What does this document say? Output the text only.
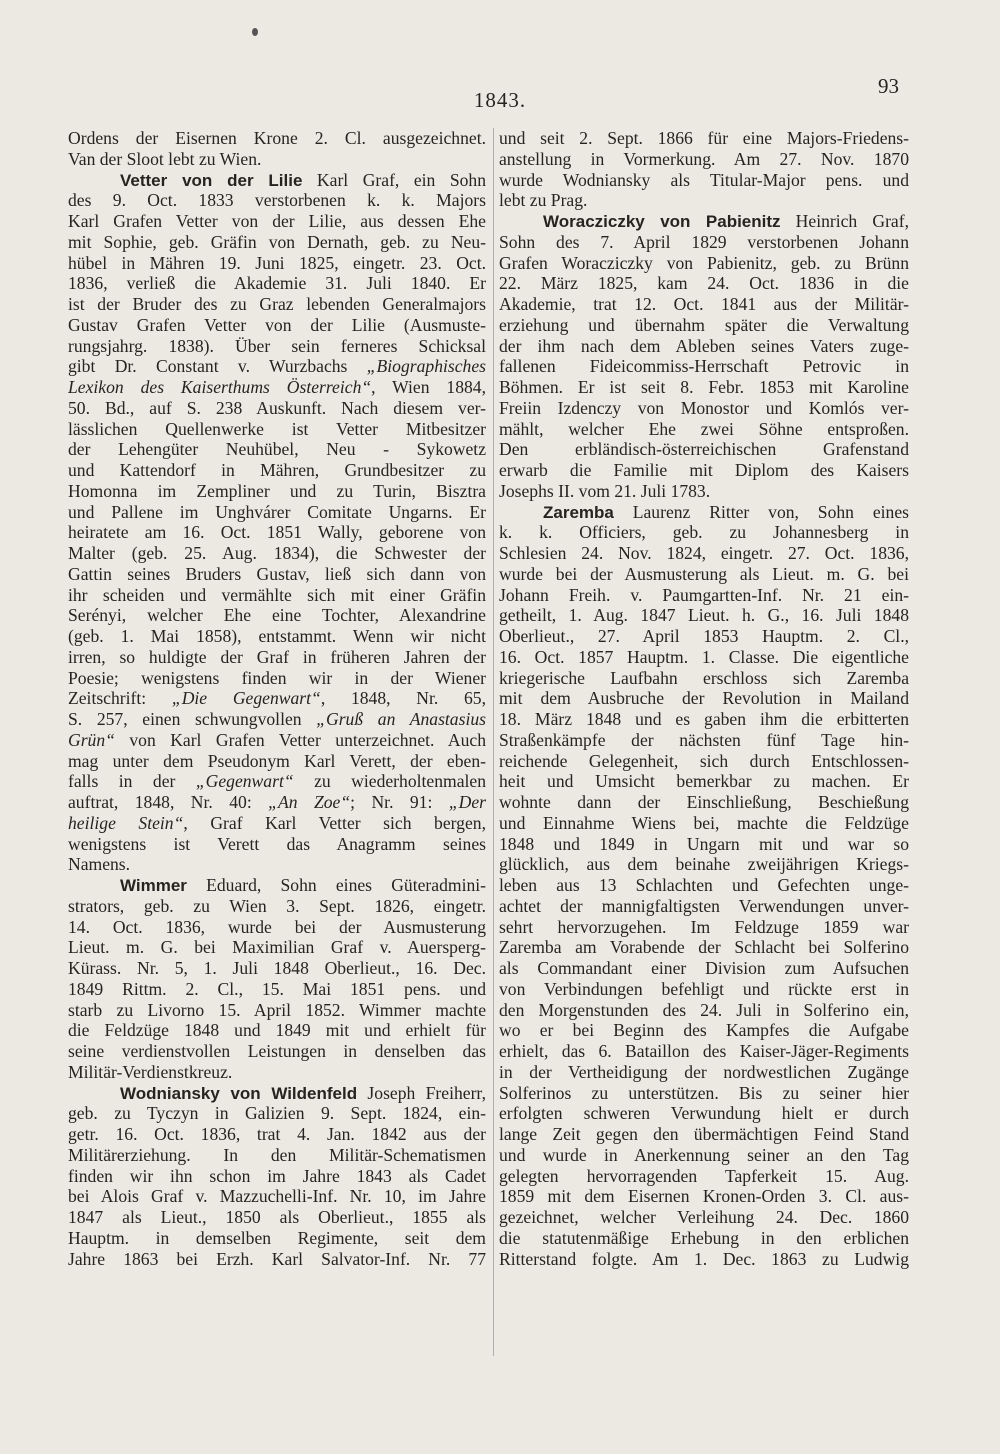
1843.
93
Ordens der Eisernen Krone 2. Cl. ausgezeichnet.
Van der Sloot lebt zu Wien.
Vetter von der Lilie Karl Graf, ein Sohn
des 9. Oct. 1833 verstorbenen k. k. Majors
Karl Grafen Vetter von der Lilie, aus dessen Ehe
mit Sophie, geb. Gräfin von Dernath, geb. zu Neu-
hübel in Mähren 19. Juni 1825, eingetr. 23. Oct.
1836, verließ die Akademie 31. Juli 1840. Er
ist der Bruder des zu Graz lebenden Generalmajors
Gustav Grafen Vetter von der Lilie (Ausmuste-
rungsjahrg. 1838). Über sein ferneres Schicksal
gibt Dr. Constant v. Wurzbachs „Biographisches
Lexikon des Kaiserthums Österreich“, Wien 1884,
50. Bd., auf S. 238 Auskunft. Nach diesem ver-
lässlichen Quellenwerke ist Vetter Mitbesitzer
der Lehengüter Neuhübel, Neu - Sykowetz
und Kattendorf in Mähren, Grundbesitzer zu
Homonna im Zempliner und zu Turin, Bisztra
und Pallene im Unghvárer Comitate Ungarns. Er
heiratete am 16. Oct. 1851 Wally, geborene von
Malter (geb. 25. Aug. 1834), die Schwester der
Gattin seines Bruders Gustav, ließ sich dann von
ihr scheiden und vermählte sich mit einer Gräfin
Serényi, welcher Ehe eine Tochter, Alexandrine
(geb. 1. Mai 1858), entstammt. Wenn wir nicht
irren, so huldigte der Graf in früheren Jahren der
Poesie; wenigstens finden wir in der Wiener
Zeitschrift: „Die Gegenwart“, 1848, Nr. 65,
S. 257, einen schwungvollen „Gruß an Anastasius
Grün“ von Karl Grafen Vetter unterzeichnet. Auch
mag unter dem Pseudonym Karl Verett, der eben-
falls in der „Gegenwart“ zu wiederholtenmalen
auftrat, 1848, Nr. 40: „An Zoe“; Nr. 91: „Der
heilige Stein“, Graf Karl Vetter sich bergen,
wenigstens ist Verett das Anagramm seines
Namens.
Wimmer Eduard, Sohn eines Güteradmini-
strators, geb. zu Wien 3. Sept. 1826, eingetr.
14. Oct. 1836, wurde bei der Ausmusterung
Lieut. m. G. bei Maximilian Graf v. Auersperg-
Kürass. Nr. 5, 1. Juli 1848 Oberlieut., 16. Dec.
1849 Rittm. 2. Cl., 15. Mai 1851 pens. und
starb zu Livorno 15. April 1852. Wimmer machte
die Feldzüge 1848 und 1849 mit und erhielt für
seine verdienstvollen Leistungen in denselben das
Militär-Verdienstkreuz.
Wodniansky von Wildenfeld Joseph Freiherr,
geb. zu Tyczyn in Galizien 9. Sept. 1824, ein-
getr. 16. Oct. 1836, trat 4. Jan. 1842 aus der
Militärerziehung. In den Militär-Schematismen
finden wir ihn schon im Jahre 1843 als Cadet
bei Alois Graf v. Mazzuchelli-Inf. Nr. 10, im Jahre
1847 als Lieut., 1850 als Oberlieut., 1855 als
Hauptm. in demselben Regimente, seit dem
Jahre 1863 bei Erzh. Karl Salvator-Inf. Nr. 77
und seit 2. Sept. 1866 für eine Majors-Friedens-
anstellung in Vormerkung. Am 27. Nov. 1870
wurde Wodniansky als Titular-Major pens. und
lebt zu Prag.
Woracziczky von Pabienitz Heinrich Graf,
Sohn des 7. April 1829 verstorbenen Johann
Grafen Woracziczky von Pabienitz, geb. zu Brünn
22. März 1825, kam 24. Oct. 1836 in die
Akademie, trat 12. Oct. 1841 aus der Militär-
erziehung und übernahm später die Verwaltung
der ihm nach dem Ableben seines Vaters zuge-
fallenen Fideicommiss-Herrschaft Petrovic in
Böhmen. Er ist seit 8. Febr. 1853 mit Karoline
Freiin Izdenczy von Monostor und Komlós ver-
mählt, welcher Ehe zwei Söhne entsproßen.
Den erbländisch-österreichischen Grafenstand
erwarb die Familie mit Diplom des Kaisers
Josephs II. vom 21. Juli 1783.
Zaremba Laurenz Ritter von, Sohn eines
k. k. Officiers, geb. zu Johannesberg in
Schlesien 24. Nov. 1824, eingetr. 27. Oct. 1836,
wurde bei der Ausmusterung als Lieut. m. G. bei
Johann Freih. v. Paumgartten-Inf. Nr. 21 ein-
getheilt, 1. Aug. 1847 Lieut. h. G., 16. Juli 1848
Oberlieut., 27. April 1853 Hauptm. 2. Cl.,
16. Oct. 1857 Hauptm. 1. Classe. Die eigentliche
kriegerische Laufbahn erschloss sich Zaremba
mit dem Ausbruche der Revolution in Mailand
18. März 1848 und es gaben ihm die erbitterten
Straßenkämpfe der nächsten fünf Tage hin-
reichende Gelegenheit, sich durch Entschlossen-
heit und Umsicht bemerkbar zu machen. Er
wohnte dann der Einschließung, Beschießung
und Einnahme Wiens bei, machte die Feldzüge
1848 und 1849 in Ungarn mit und war so
glücklich, aus dem beinahe zweijährigen Kriegs-
leben aus 13 Schlachten und Gefechten unge-
achtet der mannigfaltigsten Verwendungen unver-
sehrt hervorzugehen. Im Feldzuge 1859 war
Zaremba am Vorabende der Schlacht bei Solferino
als Commandant einer Division zum Aufsuchen
von Verbindungen befehligt und rückte erst in
den Morgenstunden des 24. Juli in Solferino ein,
wo er bei Beginn des Kampfes die Aufgabe
erhielt, das 6. Bataillon des Kaiser-Jäger-Regiments
in der Vertheidigung der nordwestlichen Zugänge
Solferinos zu unterstützen. Bis zu seiner hier
erfolgten schweren Verwundung hielt er durch
lange Zeit gegen den übermächtigen Feind Stand
und wurde in Anerkennung seiner an den Tag
gelegten hervorragenden Tapferkeit 15. Aug.
1859 mit dem Eisernen Kronen-Orden 3. Cl. aus-
gezeichnet, welcher Verleihung 24. Dec. 1860
die statutenmäßige Erhebung in den erblichen
Ritterstand folgte. Am 1. Dec. 1863 zu Ludwig
